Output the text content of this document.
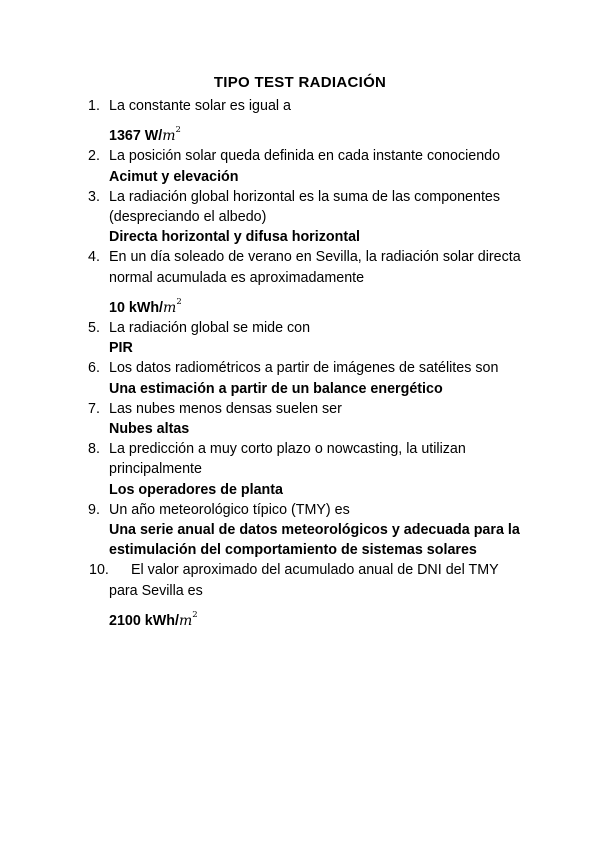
TIPO TEST RADIACIÓN
1. La constante solar es igual a
1367 $W/m^2$
2. La posición solar queda definida en cada instante conociendo
Acimut y elevación
3. La radiación global horizontal es la suma de las componentes (despreciando el albedo)
Directa horizontal y difusa horizontal
4. En un día soleado de verano en Sevilla, la radiación solar directa normal acumulada es aproximadamente
10 kWh/$m^2$
5. La radiación global se mide con
PIR
6. Los datos radiométricos a partir de imágenes de satélites son
Una estimación a partir de un balance energético
7. Las nubes menos densas suelen ser
Nubes altas
8. La predicción a muy corto plazo o nowcasting, la utilizan principalmente
Los operadores de planta
9. Un año meteorológico típico (TMY) es
Una serie anual de datos meteorológicos y adecuada para la estimulación del comportamiento de sistemas solares
10.	El valor aproximado del acumulado anual de DNI del TMY para Sevilla es
2100 kWh/$m^2$
